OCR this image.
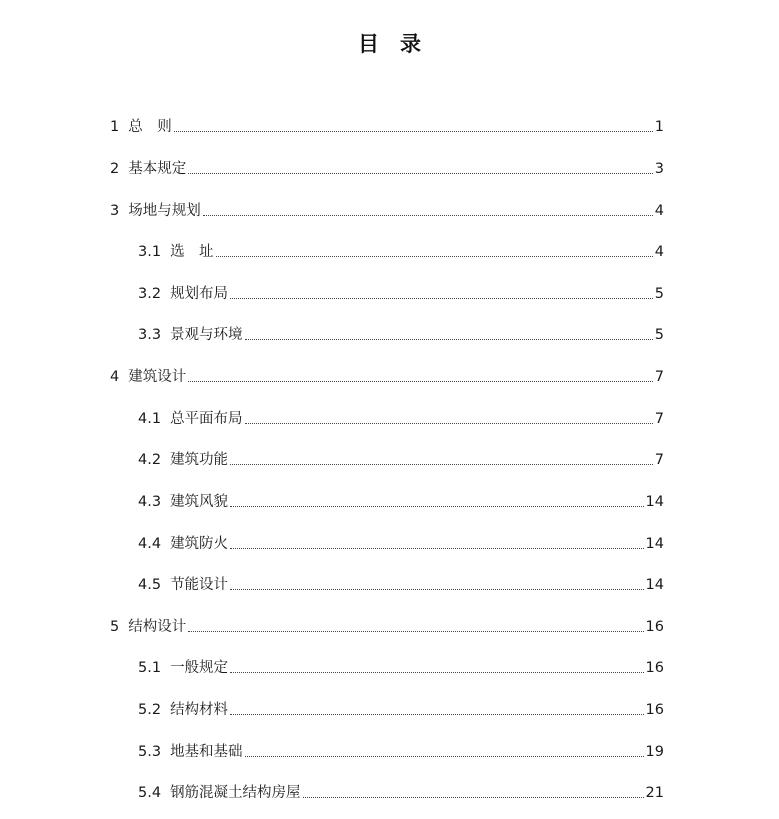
目　录
1 总　则	1
2 基本规定	3
3 场地与规划	4
3.1 选　址	4
3.2 规划布局	5
3.3 景观与环境	5
4 建筑设计	7
4.1 总平面布局	7
4.2 建筑功能	7
4.3 建筑风貌	14
4.4 建筑防火	14
4.5 节能设计	14
5 结构设计	16
5.1 一般规定	16
5.2 结构材料	16
5.3 地基和基础	19
5.4 钢筋混凝土结构房屋	21
